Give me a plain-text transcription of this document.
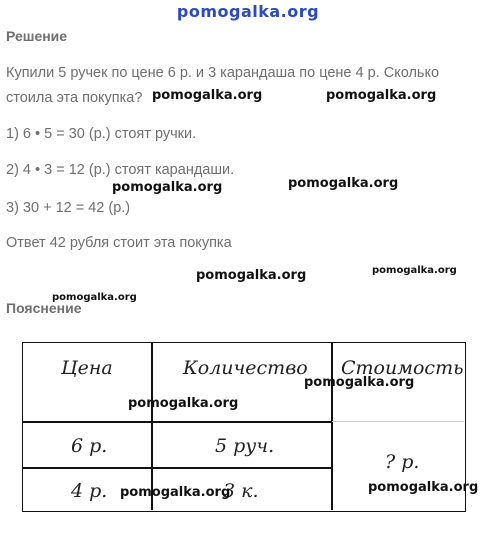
pomogalka.org
Решение
Купили 5 ручек по цене 6 р. и 3 карандаша по цене 4 р. Сколько
стоила эта покупка?
1) 6 • 5 = 30 (р.) стоят ручки.
2) 4 • 3 = 12 (р.) стоят карандаши.
3) 30 + 12 = 42 (р.)
Ответ 42 рубля стоит эта покупка
Пояснение
Цена	Количество Стоимость
6 р.	5 руч.
4 р.	3 к.
? р.
pomogalka.org	pomogalka.org
pomogalka.org	pomogalka.org
pomogalka.org	pomogalka.org
pomogalka.org
pomogalka.org
pomogalka.org
pomogalka.org	pomogalka.org
